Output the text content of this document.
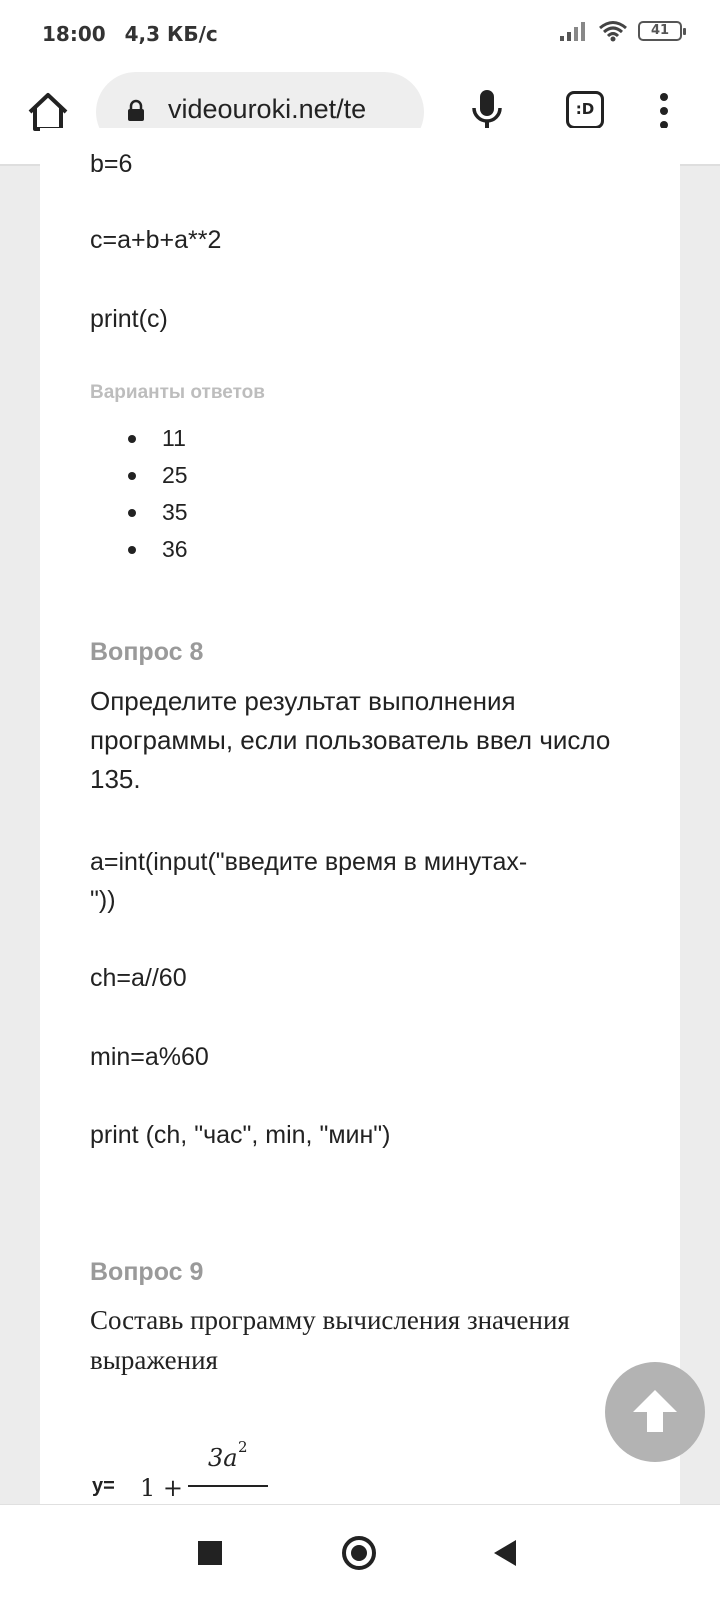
18:00 4,3 КБ/с	41
videouroki.net/te	:D
b=6
c=a+b+a**2
print(c)
Варианты ответов
11
25
35
36
Вопрос 8
Определите результат выполнения программы, если пользователь ввел число 135.
a=int(input("введите время в минутах-
"))
ch=a//60
min=a%60
print (ch, "час", min, "мин")
Вопрос 9
Составь программу вычисления значения выражения
у= 1 +
3a 2
